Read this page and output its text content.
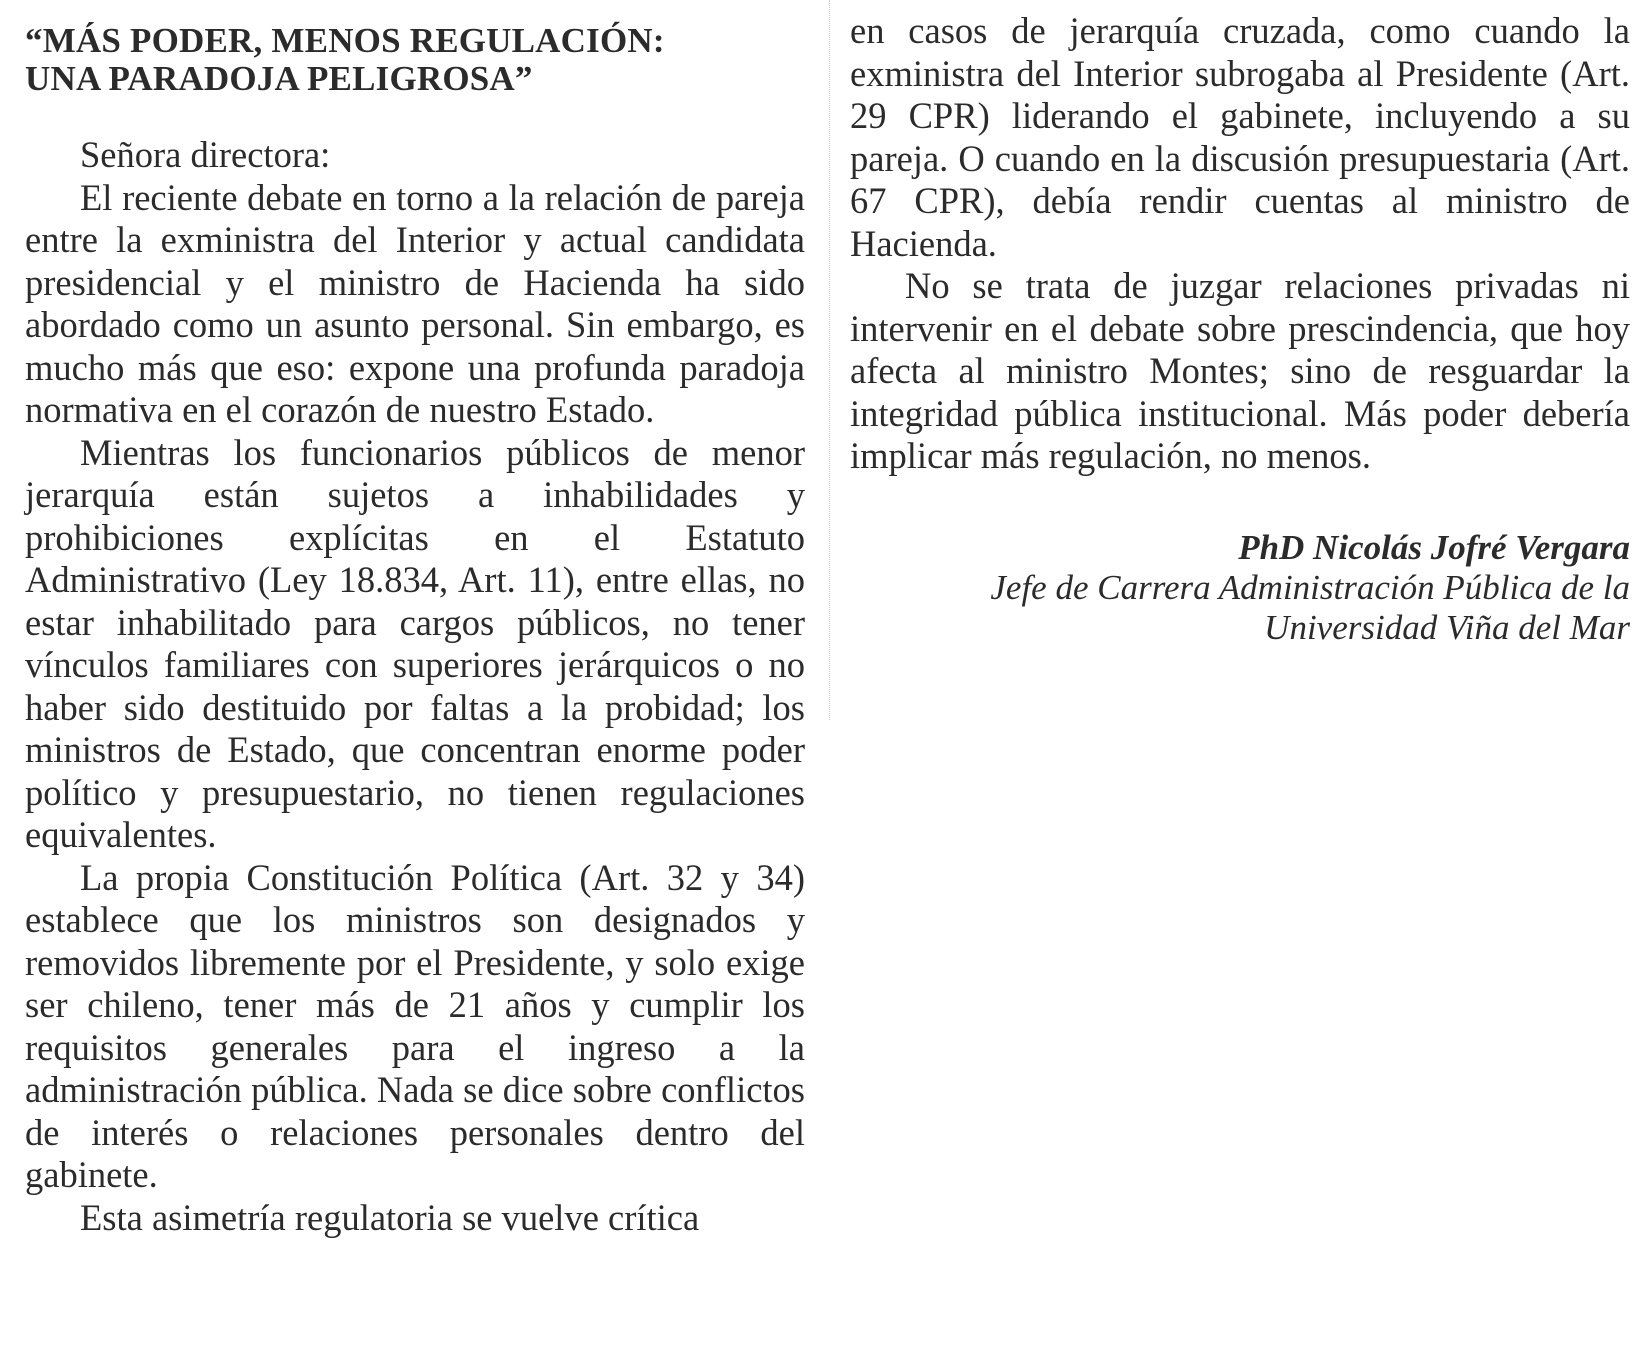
“MÁS PODER, MENOS REGULACIÓN:
UNA PARADOJA PELIGROSA”

Señora directora:

El reciente debate en torno a la relación de pareja entre la exministra del Interior y actual candidata presidencial y el ministro de Hacienda ha sido abordado como un asunto personal. Sin embargo, es mucho más que eso: expone una profunda paradoja normativa en el corazón de nuestro Estado.

Mientras los funcionarios públicos de menor jerarquía están sujetos a inhabilidades y prohibiciones explícitas en el Estatuto Administrativo (Ley 18.834, Art. 11), entre ellas, no estar inhabilitado para cargos públicos, no tener vínculos familiares con superiores jerárquicos o no haber sido destituido por faltas a la probidad; los ministros de Estado, que concentran enorme poder político y presupuestario, no tienen regulaciones equivalentes.

La propia Constitución Política (Art. 32 y 34) establece que los ministros son designados y removidos libremente por el Presidente, y solo exige ser chileno, tener más de 21 años y cumplir los requisitos generales para el ingreso a la administración pública. Nada se dice sobre conflictos de interés o relaciones personales dentro del gabinete.

Esta asimetría regulatoria se vuelve crítica

en casos de jerarquía cruzada, como cuando la exministra del Interior subrogaba al Presidente (Art. 29 CPR) liderando el gabinete, incluyendo a su pareja. O cuando en la discusión presupuestaria (Art. 67 CPR), debía rendir cuentas al ministro de Hacienda.

No se trata de juzgar relaciones privadas ni intervenir en el debate sobre prescindencia, que hoy afecta al ministro Montes; sino de resguardar la integridad pública institucional. Más poder debería implicar más regulación, no menos.

PhD Nicolás Jofré Vergara
Jefe de Carrera Administración Pública de la
Universidad Viña del Mar
